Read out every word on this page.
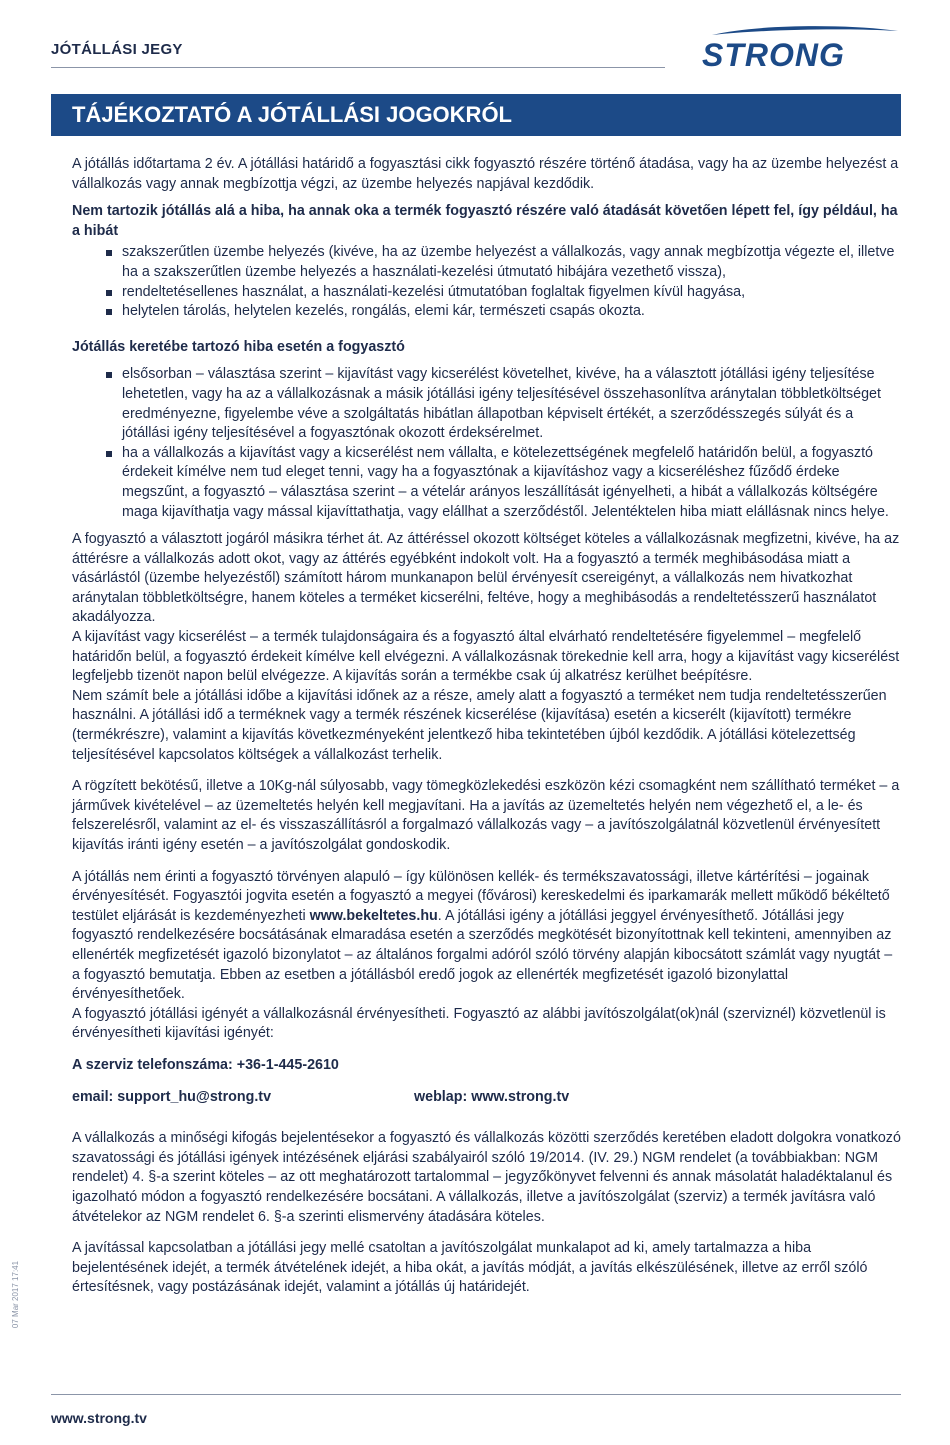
JÓTÁLLÁSI JEGY	STRONG
TÁJÉKOZTATÓ A JÓTÁLLÁSI JOGOKRÓL

A jótállás időtartama 2 év. A jótállási határidő a fogyasztási cikk fogyasztó részére történő átadása, vagy ha az üzembe helyezést a vállalkozás vagy annak megbízottja végzi, az üzembe helyezés napjával kezdődik.

Nem tartozik jótállás alá a hiba, ha annak oka a termék fogyasztó részére való átadását követően lépett fel, így például, ha a hibát

szakszerűtlen üzembe helyezés (kivéve, ha az üzembe helyezést a vállalkozás, vagy annak megbízottja végezte el, illetve ha a szakszerűtlen üzembe helyezés a használati-kezelési útmutató hibájára vezethető vissza),
rendeltetésellenes használat, a használati-kezelési útmutatóban foglaltak figyelmen kívül hagyása,
helytelen tárolás, helytelen kezelés, rongálás, elemi kár, természeti csapás okozta.

Jótállás keretébe tartozó hiba esetén a fogyasztó

elsősorban – választása szerint – kijavítást vagy kicserélést követelhet, kivéve, ha a választott jótállási igény teljesítése lehetetlen, vagy ha az a vállalkozásnak a másik jótállási igény teljesítésével összehasonlítva aránytalan többletköltséget eredményezne, figyelembe véve a szolgáltatás hibátlan állapotban képviselt értékét, a szerződésszegés súlyát és a jótállási igény teljesítésével a fogyasztónak okozott érdeksérelmet.
ha a vállalkozás a kijavítást vagy a kicserélést nem vállalta, e kötelezettségének megfelelő határidőn belül, a fogyasztó érdekeit kímélve nem tud eleget tenni, vagy ha a fogyasztónak a kijavításhoz vagy a kicseréléshez fűződő érdeke megszűnt, a fogyasztó – választása szerint – a vételár arányos leszállítását igényelheti, a hibát a vállalkozás költségére maga kijavíthatja vagy mással kijavíttathatja, vagy elállhat a szerződéstől. Jelentéktelen hiba miatt elállásnak nincs helye.

A fogyasztó a választott jogáról másikra térhet át. Az áttéréssel okozott költséget köteles a vállalkozásnak megfizetni, kivéve, ha az áttérésre a vállalkozás adott okot, vagy az áttérés egyébként indokolt volt. Ha a fogyasztó a termék meghibásodása miatt a vásárlástól (üzembe helyezéstől) számított három munkanapon belül érvényesít csereigényt, a vállalkozás nem hivatkozhat aránytalan többletköltségre, hanem köteles a terméket kicserélni, feltéve, hogy a meghibásodás a rendeltetésszerű használatot akadályozza.

A kijavítást vagy kicserélést – a termék tulajdonságaira és a fogyasztó által elvárható rendeltetésére figyelemmel – megfelelő határidőn belül, a fogyasztó érdekeit kímélve kell elvégezni. A vállalkozásnak törekednie kell arra, hogy a kijavítást vagy kicserélést legfeljebb tizenöt napon belül elvégezze. A kijavítás során a termékbe csak új alkatrész kerülhet beépítésre.

Nem számít bele a jótállási időbe a kijavítási időnek az a része, amely alatt a fogyasztó a terméket nem tudja rendeltetésszerűen használni. A jótállási idő a terméknek vagy a termék részének kicserélése (kijavítása) esetén a kicserélt (kijavított) termékre (termékrészre), valamint a kijavítás következményeként jelentkező hiba tekintetében újból kezdődik. A jótállási kötelezettség teljesítésével kapcsolatos költségek a vállalkozást terhelik.

A rögzített bekötésű, illetve a 10Kg-nál súlyosabb, vagy tömegközlekedési eszközön kézi csomagként nem szállítható terméket – a járművek kivételével – az üzemeltetés helyén kell megjavítani. Ha a javítás az üzemeltetés helyén nem végezhető el, a le- és felszerelésről, valamint az el- és visszaszállításról a forgalmazó vállalkozás vagy – a javítószolgálatnál közvetlenül érvényesített kijavítás iránti igény esetén – a javítószolgálat gondoskodik.

A jótállás nem érinti a fogyasztó törvényen alapuló – így különösen kellék- és termékszavatossági, illetve kártérítési – jogainak érvényesítését. Fogyasztói jogvita esetén a fogyasztó a megyei (fővárosi) kereskedelmi és iparkamarák mellett működő békéltető testület eljárását is kezdeményezheti www.bekeltetes.hu. A jótállási igény a jótállási jeggyel érvényesíthető. Jótállási jegy fogyasztó rendelkezésére bocsátásának elmaradása esetén a szerződés megkötését bizonyítottnak kell tekinteni, amennyiben az ellenérték megfizetését igazoló bizonylatot – az általános forgalmi adóról szóló törvény alapján kibocsátott számlát vagy nyugtát – a fogyasztó bemutatja. Ebben az esetben a jótállásból eredő jogok az ellenérték megfizetését igazoló bizonylattal érvényesíthetőek.

A fogyasztó jótállási igényét a vállalkozásnál érvényesítheti. Fogyasztó az alábbi javítószolgálat(ok)nál (szerviznél) közvetlenül is érvényesítheti kijavítási igényét:

A szerviz telefonszáma: +36-1-445-2610

email: support_hu@strong.tv	weblap: www.strong.tv

A vállalkozás a minőségi kifogás bejelentésekor a fogyasztó és vállalkozás közötti szerződés keretében eladott dolgokra vonatkozó szavatossági és jótállási igények intézésének eljárási szabályairól szóló 19/2014. (IV. 29.) NGM rendelet (a továbbiakban: NGM rendelet) 4. §-a szerint köteles – az ott meghatározott tartalommal – jegyzőkönyvet felvenni és annak másolatát haladéktalanul és igazolható módon a fogyasztó rendelkezésére bocsátani. A vállalkozás, illetve a javítószolgálat (szerviz) a termék javításra való átvételekor az NGM rendelet 6. §-a szerinti elismervény átadására köteles.

A javítással kapcsolatban a jótállási jegy mellé csatoltan a javítószolgálat munkalapot ad ki, amely tartalmazza a hiba bejelentésének idejét, a termék átvételének idejét, a hiba okát, a javítás módját, a javítás elkészülésének, illetve az erről szóló értesítésnek, vagy postázásának idejét, valamint a jótállás új határidejét.

07 Mar 2017 17:41
www.strong.tv
